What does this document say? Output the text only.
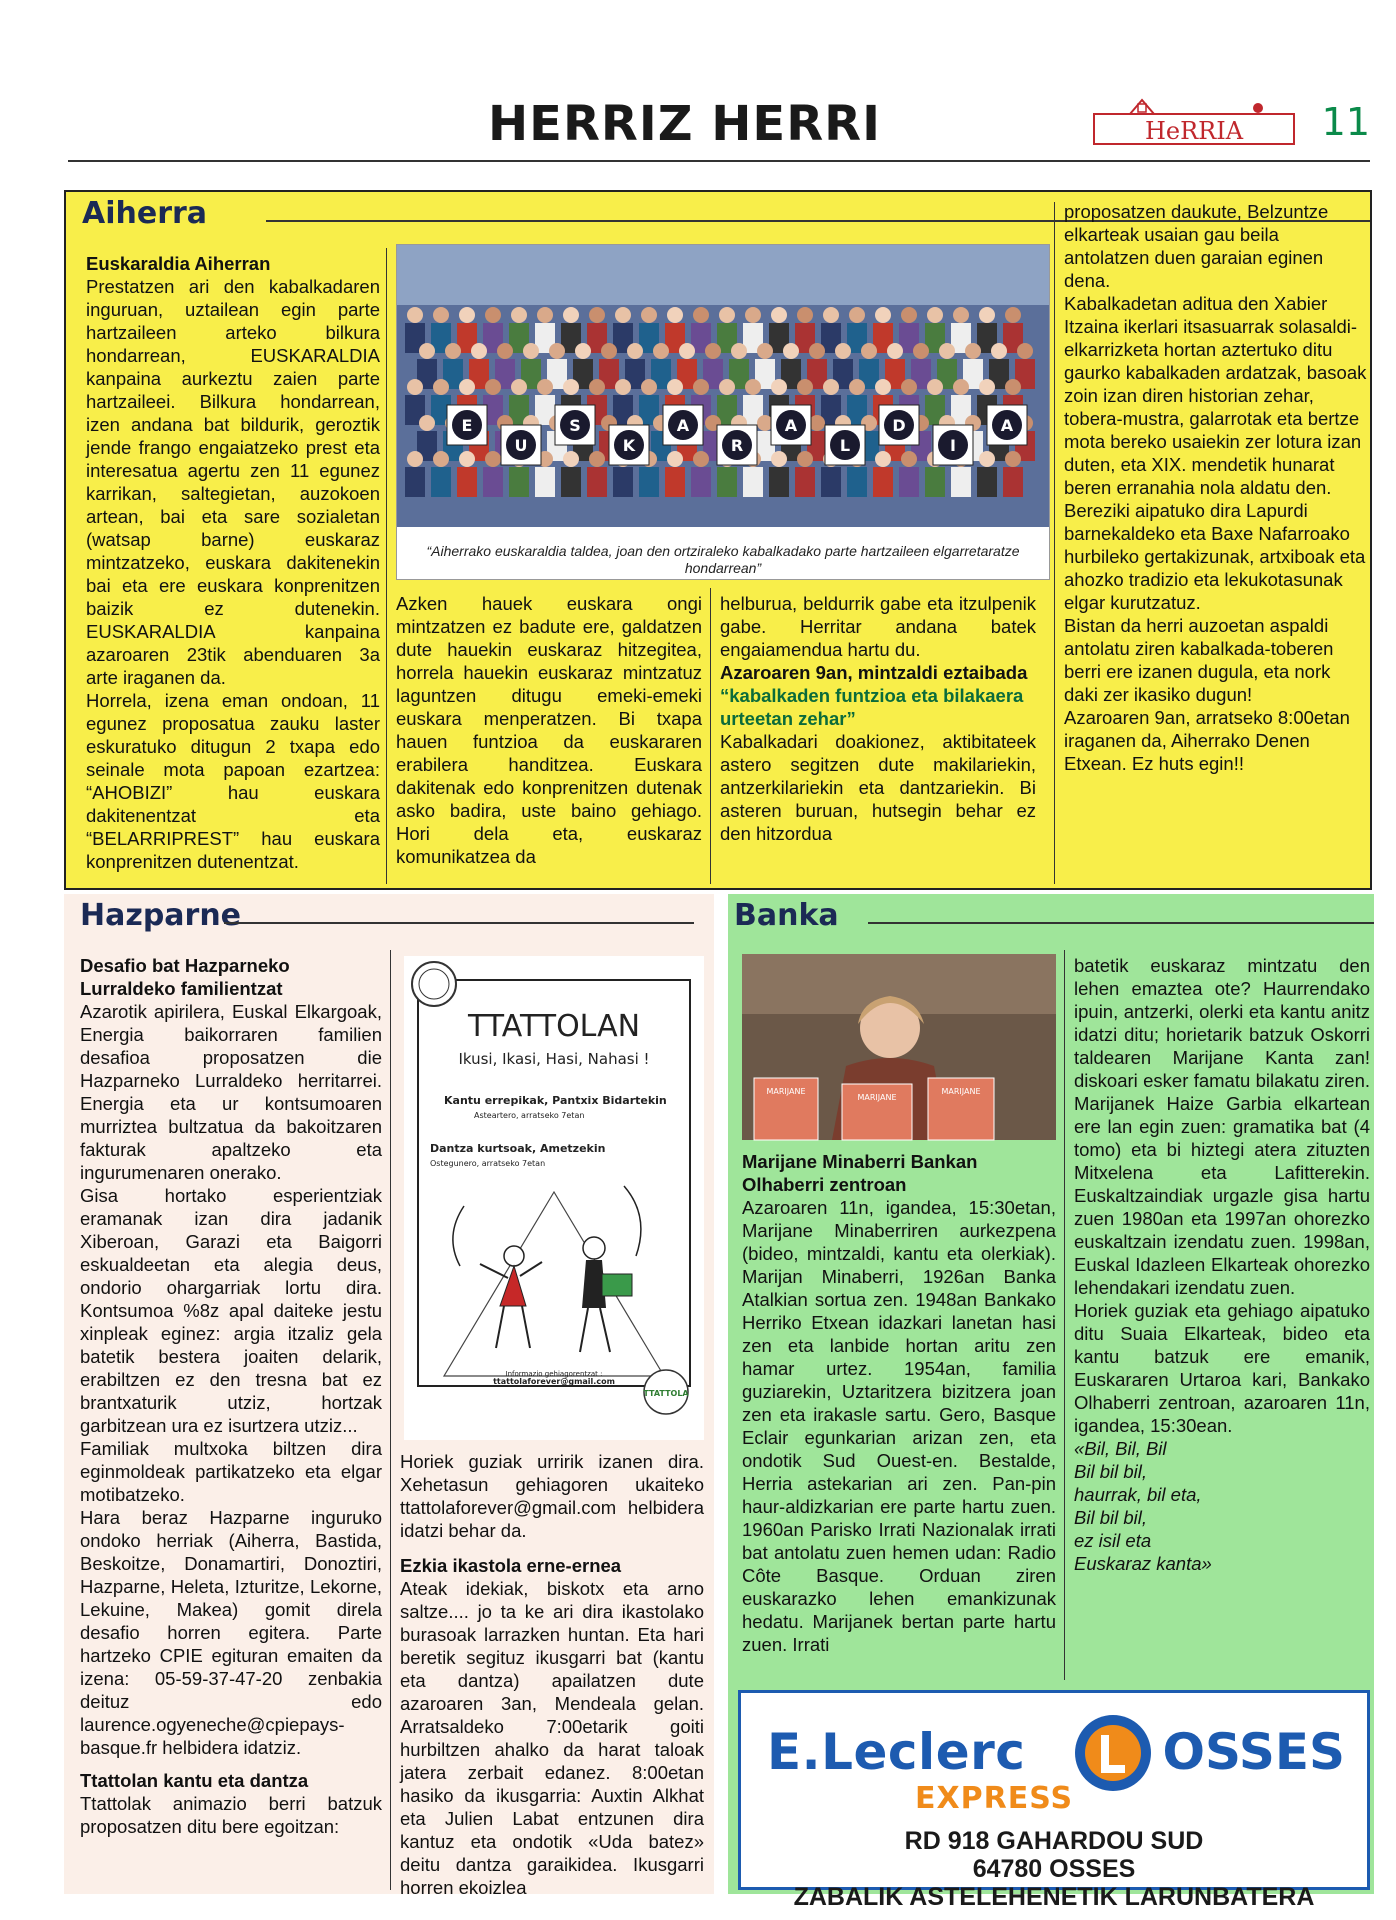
HERRIZ HERRI	HeRRIA 11
Aiherra

Euskaraldia Aiherran

Prestatzen ari den kabalkadaren inguruan, uztailean egin parte hartzaileen arteko bilkura hondarrean, EUSKARALDIA kanpaina aurkeztu zaien parte hartzaileei. Bilkura hondarrean, izen andana bat bildurik, geroztik jende frango engaiatzeko prest eta interesatua agertu zen 11 egunez karrikan, saltegietan, auzokoen artean, bai eta sare sozialetan (watsap barne) euskaraz mintzatzeko, euskara dakitenekin bai eta ere euskara konprenitzen baizik ez dutenekin. EUSKARALDIA kanpaina azaroaren 23tik abenduaren 3a arte iraganen da.

Horrela, izena eman ondoan, 11 egunez proposatua zauku laster eskuratuko ditugun 2 txapa edo seinale mota papoan ezartzea: “AHOBIZI” hau euskara dakitenentzat eta “BELARRIPREST” hau euskara konprenitzen dutenentzat.

E
U
S
K
A
R
A
L
D
I
A
“Aiherrako euskaraldia taldea, joan den ortziraleko kabalkadako parte hartzaileen elgarretaratze hondarrean”

Azken hauek euskara ongi mintzatzen ez badute ere, galdatzen dute hauekin euskaraz hitzegitea, horrela hauekin euskaraz mintzatuz laguntzen ditugu emeki-emeki euskara menperatzen. Bi txapa hauen funtzioa da euskararen erabilera handitzea. Euskara dakitenak edo konprenitzen dutenak asko badira, uste baino gehiago. Hori dela eta, euskaraz komunikatzea da

helburua, beldurrik gabe eta itzulpenik gabe. Herritar andana batek engaiamendua hartu du.

Azaroaren 9an, mintzaldi eztaibada

“kabalkaden funtzioa eta bilakaera urteetan zehar”

Kabalkadari doakionez, aktibitateek astero segitzen dute makilariekin, antzerkilariekin eta dantzariekin. Bi asteren buruan, hutsegin behar ez den hitzordua

proposatzen daukute, Belzuntze elkarteak usaian gau beila antolatzen duen garaian eginen dena.

Kabalkadetan aditua den Xabier Itzaina ikerlari itsasuarrak solasaldi-elkarrizketa hortan aztertuko ditu gaurko kabalkaden ardatzak, basoak zoin izan diren historian zehar, tobera-mustra, galarrotak eta bertze mota bereko usaiekin zer lotura izan duten, eta XIX. mendetik hunarat beren erranahia nola aldatu den. Bereziki aipatuko dira Lapurdi barnekaldeko eta Baxe Nafarroako hurbileko gertakizunak, artxiboak eta ahozko tradizio eta lekukotasunak elgar kurutzatuz.

Bistan da herri auzoetan aspaldi antolatu ziren kabalkada-toberen berri ere izanen dugula, eta nork daki zer ikasiko dugun!

Azaroaren 9an, arratseko 8:00etan iraganen da, Aiherrako Denen Etxean. Ez huts egin!!

Hazparne

Desafio bat Hazparneko Lurraldeko familientzat

Azarotik apirilera, Euskal Elkargoak, Energia baikorraren familien desafioa proposatzen die Hazparneko Lurraldeko herritarrei. Energia eta ur kontsumoaren murriztea bultzatua da bakoitzaren fakturak apaltzeko eta ingurumenaren onerako.

Gisa hortako esperientziak eramanak izan dira jadanik Xiberoan, Garazi eta Baigorri eskualdeetan eta alegia deus, ondorio ohargarriak lortu dira. Kontsumoa %8z apal daiteke jestu xinpleak eginez: argia itzaliz gela batetik bestera joaiten delarik, erabiltzen ez den tresna bat ez brantxaturik utziz, hortzak garbitzean ura ez isurtzera utziz...

Familiak multxoka biltzen dira eginmoldeak partikatzeko eta elgar motibatzeko.

Hara beraz Hazparne inguruko ondoko herriak (Aiherra, Bastida, Beskoitze, Donamartiri, Donoztiri, Hazparne, Heleta, Izturitze, Lekorne, Lekuine, Makea) gomit direla desafio horren egitera. Parte hartzeko CPIE egituran emaiten da izena: 05-59-37-47-20 zenbakia deituz edo laurence.ogyeneche@cpiepays-basque.fr helbidera idatziz.

Ttattolan kantu eta dantza

Ttattolak animazio berri batzuk proposatzen ditu bere egoitzan:

TTATTOLAN
Ikusi, Ikasi, Hasi, Nahasi !
Kantu errepikak, Pantxix Bidartekin
Asteartero, arratseko 7etan
Dantza kurtsoak, Ametzekin
Ostegunero, arratseko 7etan
Informazio gehiagorentzat :
ttattolaforever@gmail.com
TTATTOLA

Horiek guziak urririk izanen dira. Xehetasun gehiagoren ukaiteko ttattolaforever@gmail.com helbidera idatzi behar da.

Ezkia ikastola erne-ernea

Ateak idekiak, biskotx eta arno saltze.... jo ta ke ari dira ikastolako burasoak larrazken huntan. Eta hari beretik segituz ikusgarri bat (kantu eta dantza) apailatzen dute azaroaren 3an, Mendeala gelan. Arratsaldeko 7:00etarik goiti hurbiltzen ahalko da harat taloak jatera zerbait edanez. 8:00etan hasiko da ikusgarria: Auxtin Alkhat eta Julien Labat entzunen dira kantuz eta ondotik «Uda batez» deitu dantza garaikidea. Ikusgarri horren ekoizlea

Banka
MARIJANE
MARIJANE
MARIJANE

Marijane Minaberri Bankan Olhaberri zentroan

Azaroaren 11n, igandea, 15:30etan, Marijane Minaberriren aurkezpena (bideo, mintzaldi, kantu eta olerkiak). Marijan Minaberri, 1926an Banka Atalkian sortua zen. 1948an Bankako Herriko Etxean idazkari lanetan hasi zen eta lanbide hortan aritu zen hamar urtez. 1954an, familia guziarekin, Uztaritzera bizitzera joan zen eta irakasle sartu. Gero, Basque Eclair egunkarian arizan zen, eta ondotik Sud Ouest-en. Bestalde, Herria astekarian ari zen. Pan-pin haur-aldizkarian ere parte hartu zuen. 1960an Parisko Irrati Nazionalak irrati bat antolatu zuen hemen udan: Radio Côte Basque. Orduan ziren euskarazko lehen emankizunak hedatu. Marijanek bertan parte hartu zuen. Irrati

batetik euskaraz mintzatu den lehen emaztea ote? Haurrendako ipuin, antzerki, olerki eta kantu anitz idatzi ditu; horietarik batzuk Oskorri taldearen Marijane Kanta zan! diskoari esker famatu bilakatu ziren. Marijanek Haize Garbia elkartean ere lan egin zuen: gramatika bat (4 tomo) eta bi hiztegi atera zituzten Mitxelena eta Lafitterekin. Euskaltzaindiak urgazle gisa hartu zuen 1980an eta 1997an ohorezko euskaltzain izendatu zuen. 1998an, Euskal Idazleen Elkarteak ohorezko lehendakari izendatu zuen.

Horiek guziak eta gehiago aipatuko ditu Suaia Elkarteak, bideo eta kantu batzuk ere emanik, Euskararen Urtaroa kari, Bankako Olhaberri zentroan, azaroaren 11n, igandea, 15:30ean.

«Bil, Bil, Bil

Bil bil bil,

haurrak, bil eta,

Bil bil bil,

ez isil eta

Euskaraz kanta»

E.Leclerc	OSSES
EXPRESS
RD 918 GAHARDOU SUD
64780 OSSES
ZABALIK ASTELEHENETIK LARUNBATERA
